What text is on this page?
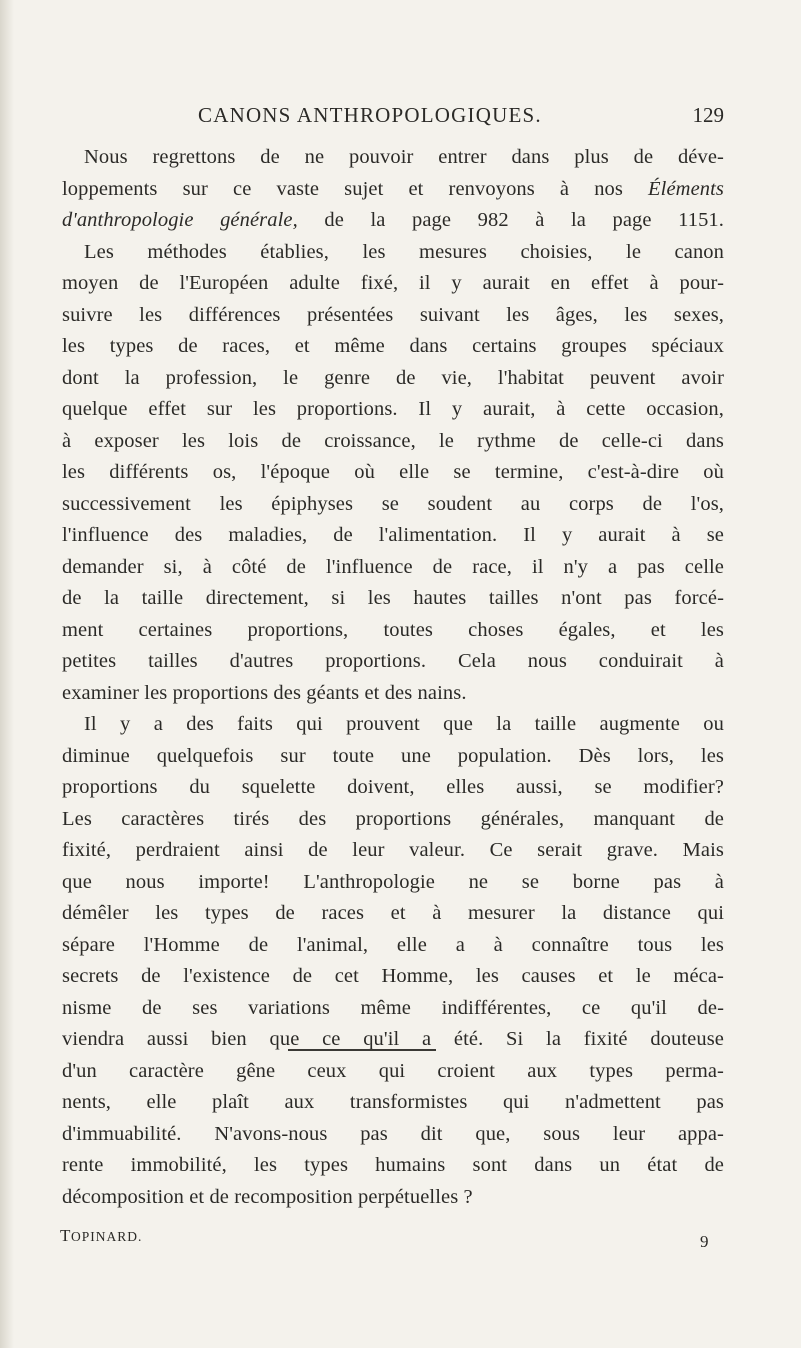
CANONS ANTHROPOLOGIQUES.	129
Nous regrettons de ne pouvoir entrer dans plus de déve-
loppements sur ce vaste sujet et renvoyons à nos Éléments
d'anthropologie générale, de la page 982 à la page 1151.
Les méthodes établies, les mesures choisies, le canon
moyen de l'Européen adulte fixé, il y aurait en effet à pour-
suivre les différences présentées suivant les âges, les sexes,
les types de races, et même dans certains groupes spéciaux
dont la profession, le genre de vie, l'habitat peuvent avoir
quelque effet sur les proportions. Il y aurait, à cette occasion,
à exposer les lois de croissance, le rythme de celle-ci dans
les différents os, l'époque où elle se termine, c'est-à-dire où
successivement les épiphyses se soudent au corps de l'os,
l'influence des maladies, de l'alimentation. Il y aurait à se
demander si, à côté de l'influence de race, il n'y a pas celle
de la taille directement, si les hautes tailles n'ont pas forcé-
ment certaines proportions, toutes choses égales, et les
petites tailles d'autres proportions. Cela nous conduirait à
examiner les proportions des géants et des nains.
Il y a des faits qui prouvent que la taille augmente ou
diminue quelquefois sur toute une population. Dès lors, les
proportions du squelette doivent, elles aussi, se modifier?
Les caractères tirés des proportions générales, manquant de
fixité, perdraient ainsi de leur valeur. Ce serait grave. Mais
que nous importe! L'anthropologie ne se borne pas à
démêler les types de races et à mesurer la distance qui
sépare l'Homme de l'animal, elle a à connaître tous les
secrets de l'existence de cet Homme, les causes et le méca-
nisme de ses variations même indifférentes, ce qu'il de-
viendra aussi bien que ce qu'il a été. Si la fixité douteuse
d'un caractère gêne ceux qui croient aux types perma-
nents, elle plaît aux transformistes qui n'admettent pas
d'immuabilité. N'avons-nous pas dit que, sous leur appa-
rente immobilité, les types humains sont dans un état de
décomposition et de recomposition perpétuelles ?
TOPINARD.	9
